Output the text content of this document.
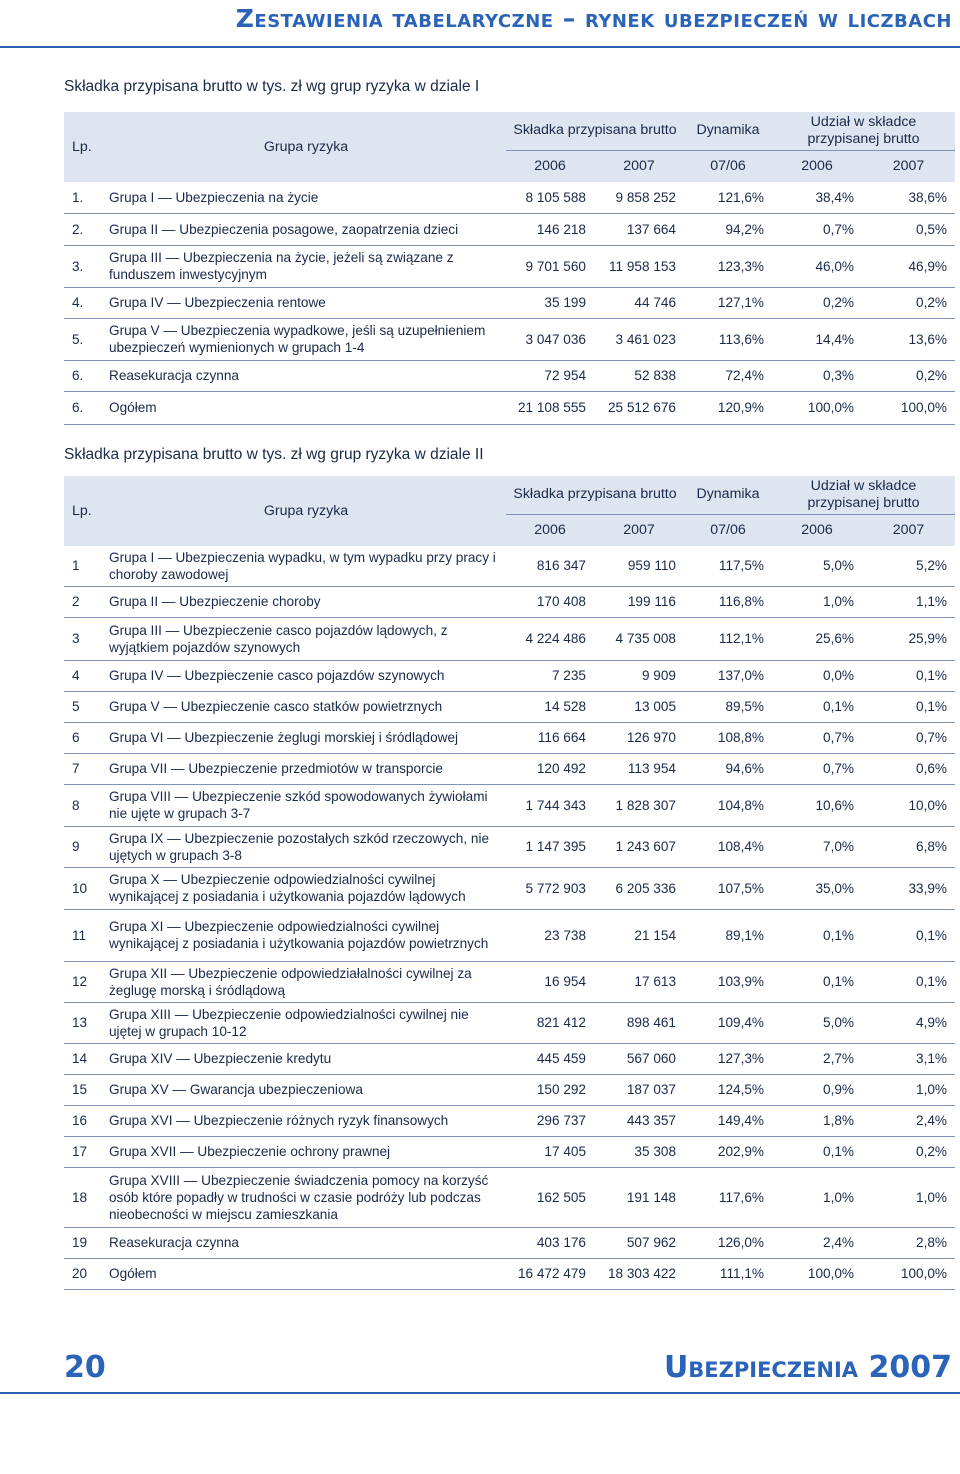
Zestawienia tabelaryczne – rynek ubezpieczeń w liczbach
Składka przypisana brutto w tys. zł wg grup ryzyka w dziale I
Lp.	Grupa ryzyka	Składka przypisana brutto		Dynamika	Udział w składce przypisanej brutto	
		2006	2007	07/06	2006	2007
1.	Grupa I — Ubezpieczenia na życie	8 105 588	9 858 252	121,6%	38,4%	38,6%
2.	Grupa II — Ubezpieczenia posagowe, zaopatrzenia dzieci	146 218	137 664	94,2%	0,7%	0,5%
3.	Grupa III — Ubezpieczenia na życie, jeżeli są związane z funduszem inwestycyjnym	9 701 560	11 958 153	123,3%	46,0%	46,9%
4.	Grupa IV — Ubezpieczenia rentowe	35 199	44 746	127,1%	0,2%	0,2%
5.	Grupa V — Ubezpieczenia wypadkowe, jeśli są uzupełnieniem ubezpieczeń wymienionych w grupach 1-4	3 047 036	3 461 023	113,6%	14,4%	13,6%
6.	Reasekuracja czynna	72 954	52 838	72,4%	0,3%	0,2%
6.	Ogółem	21 108 555	25 512 676	120,9%	100,0%	100,0%
Składka przypisana brutto w tys. zł wg grup ryzyka w dziale II
Lp.	Grupa ryzyka	Składka przypisana brutto		Dynamika	Udział w składce przypisanej brutto	
		2006	2007	07/06	2006	2007
1	Grupa I — Ubezpieczenia wypadku, w tym wypadku przy pracy i choroby zawodowej	816 347	959 110	117,5%	5,0%	5,2%
2	Grupa II — Ubezpieczenie choroby	170 408	199 116	116,8%	1,0%	1,1%
3	Grupa III — Ubezpieczenie casco pojazdów lądowych, z wyjątkiem pojazdów szynowych	4 224 486	4 735 008	112,1%	25,6%	25,9%
4	Grupa IV — Ubezpieczenie casco pojazdów szynowych	7 235	9 909	137,0%	0,0%	0,1%
5	Grupa V — Ubezpieczenie casco statków powietrznych	14 528	13 005	89,5%	0,1%	0,1%
6	Grupa VI — Ubezpieczenie żeglugi morskiej i śródlądowej	116 664	126 970	108,8%	0,7%	0,7%
7	Grupa VII — Ubezpieczenie przedmiotów w transporcie	120 492	113 954	94,6%	0,7%	0,6%
8	Grupa VIII — Ubezpieczenie szkód spowodowanych żywiołami nie ujęte w grupach 3-7	1 744 343	1 828 307	104,8%	10,6%	10,0%
9	Grupa IX — Ubezpieczenie pozostałych szkód rzeczowych, nie ujętych w grupach 3-8	1 147 395	1 243 607	108,4%	7,0%	6,8%
10	Grupa X — Ubezpieczenie odpowiedzialności cywilnej wynikającej z posiadania i użytkowania pojazdów lądowych	5 772 903	6 205 336	107,5%	35,0%	33,9%
11	Grupa XI — Ubezpieczenie odpowiedzialności cywilnej wynikającej z posiadania i użytkowania pojazdów powietrznych	23 738	21 154	89,1%	0,1%	0,1%
12	Grupa XII — Ubezpieczenie odpowiedziałalności cywilnej za żeglugę morską i śródlądową	16 954	17 613	103,9%	0,1%	0,1%
13	Grupa XIII — Ubezpieczenie odpowiedzialności cywilnej nie ujętej w grupach 10-12	821 412	898 461	109,4%	5,0%	4,9%
14	Grupa XIV — Ubezpieczenie kredytu	445 459	567 060	127,3%	2,7%	3,1%
15	Grupa XV — Gwarancja ubezpieczeniowa	150 292	187 037	124,5%	0,9%	1,0%
16	Grupa XVI — Ubezpieczenie różnych ryzyk finansowych	296 737	443 357	149,4%	1,8%	2,4%
17	Grupa XVII — Ubezpieczenie ochrony prawnej	17 405	35 308	202,9%	0,1%	0,2%
18	Grupa XVIII — Ubezpieczenie świadczenia pomocy na korzyść osób które popadły w trudności w czasie podróży lub podczas nieobecności w miejscu zamieszkania	162 505	191 148	117,6%	1,0%	1,0%
19	Reasekuracja czynna	403 176	507 962	126,0%	2,4%	2,8%
20	Ogółem	16 472 479	18 303 422	111,1%	100,0%	100,0%
20	Ubezpieczenia 2007
